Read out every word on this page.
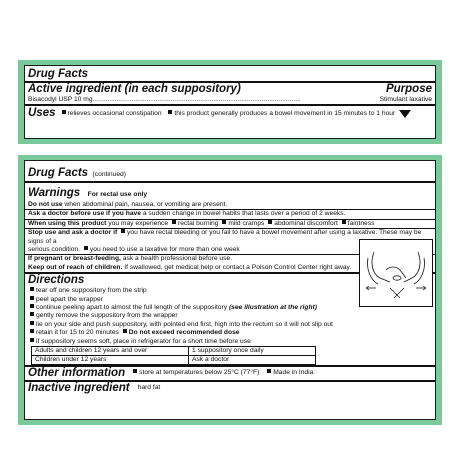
Drug Facts
Active ingredient (in each suppository)	Purpose
Bisacodyl USP 10 mg ................................................................................................................	Stimulant laxative
Uses	relieves occasional constipation this product generally produces a bowel movement in 15 minutes to 1 hour
Drug Facts (continued)
Warnings For rectal use only
Do not use when abdominal pain, nausea, or vomiting are present.
Ask a doctor before use if you have a sudden change in bowel habits that lasts over a period of 2 weeks.
When using this product you may experience rectal burning mild cramps abdominal discomfort faintness
Stop use and ask a doctor if you have rectal bleeding or you fail to have a bowel movement after using a laxative. These may be signs of a
serious condition. you need to use a laxative for more than one week
If pregnant or breast-feeding, ask a health professional before use.
Keep out of reach of children. If swallowed, get medical help or contact a Poison Control Center right away.
Directions
tear off one suppository from the strip
peel apart the wrapper
continue peeling apart to almost the full length of the suppository (see illustration at the right)
gently remove the suppository from the wrapper
lie on your side and push suppository, with pointed end first, high into the rectum so it will not slip out
retain it for 15 to 20 minutes Do not exceed recommended dose
if suppository seems soft, place in refrigerator for a short time before use
Adults and children 12 years and over	1 suppository once daily
Children under 12 years	Ask a doctor
Other information	store at temperatures below 25°C (77°F) Made in India
Inactive ingredient hard fat
